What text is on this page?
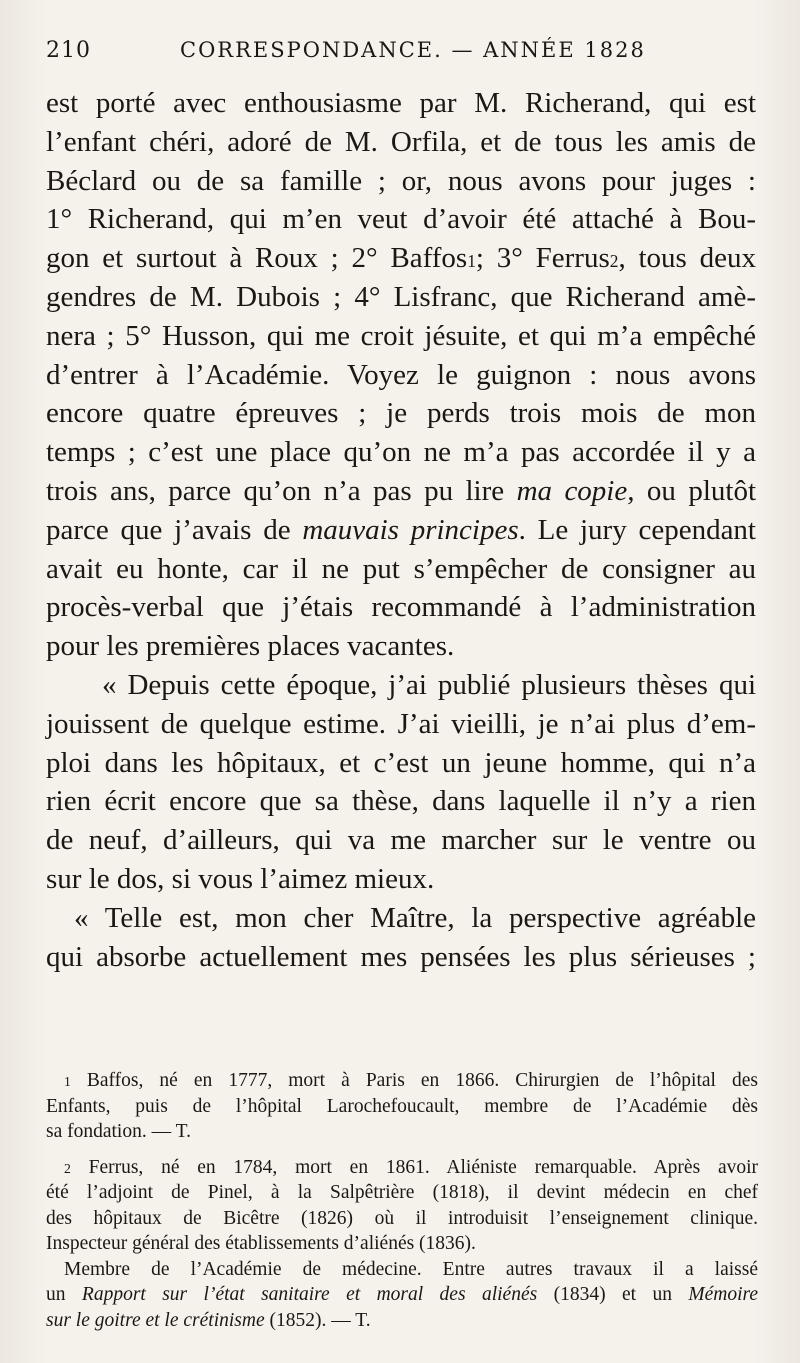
210	CORRESPONDANCE. — ANNÉE 1828
est porté avec enthousiasme par M. Richerand, qui est
l’enfant chéri, adoré de M. Orfila, et de tous les amis de
Béclard ou de sa famille ; or, nous avons pour juges :
1° Richerand, qui m’en veut d’avoir été attaché à Bou-
gon et surtout à Roux ; 2° Baffos$^1$; 3° Ferrus$^2$, tous deux
gendres de M. Dubois ; 4° Lisfranc, que Richerand amè-
nera ; 5° Husson, qui me croit jésuite, et qui m’a empêché
d’entrer à l’Académie. Voyez le guignon : nous avons
encore quatre épreuves ; je perds trois mois de mon
temps ; c’est une place qu’on ne m’a pas accordée il y a
trois ans, parce qu’on n’a pas pu lire ma copie, ou plutôt
parce que j’avais de mauvais principes. Le jury cependant
avait eu honte, car il ne put s’empêcher de consigner au
procès-verbal que j’étais recommandé à l’administration
pour les premières places vacantes.
« Depuis cette époque, j’ai publié plusieurs thèses qui
jouissent de quelque estime. J’ai vieilli, je n’ai plus d’em-
ploi dans les hôpitaux, et c’est un jeune homme, qui n’a
rien écrit encore que sa thèse, dans laquelle il n’y a rien
de neuf, d’ailleurs, qui va me marcher sur le ventre ou
sur le dos, si vous l’aimez mieux.
« Telle est, mon cher Maître, la perspective agréable
qui absorbe actuellement mes pensées les plus sérieuses ;
$^1$ Baffos, né en 1777, mort à Paris en 1866. Chirurgien de l’hôpital des
Enfants, puis de l’hôpital Larochefoucault, membre de l’Académie dès
sa fondation. — T.
$^2$ Ferrus, né en 1784, mort en 1861. Aliéniste remarquable. Après avoir
été l’adjoint de Pinel, à la Salpêtrière (1818), il devint médecin en chef
des hôpitaux de Bicêtre (1826) où il introduisit l’enseignement clinique.
Inspecteur général des établissements d’aliénés (1836).
Membre de l’Académie de médecine. Entre autres travaux il a laissé
un Rapport sur l’état sanitaire et moral des aliénés (1834) et un Mémoire
sur le goitre et le crétinisme (1852). — T.
